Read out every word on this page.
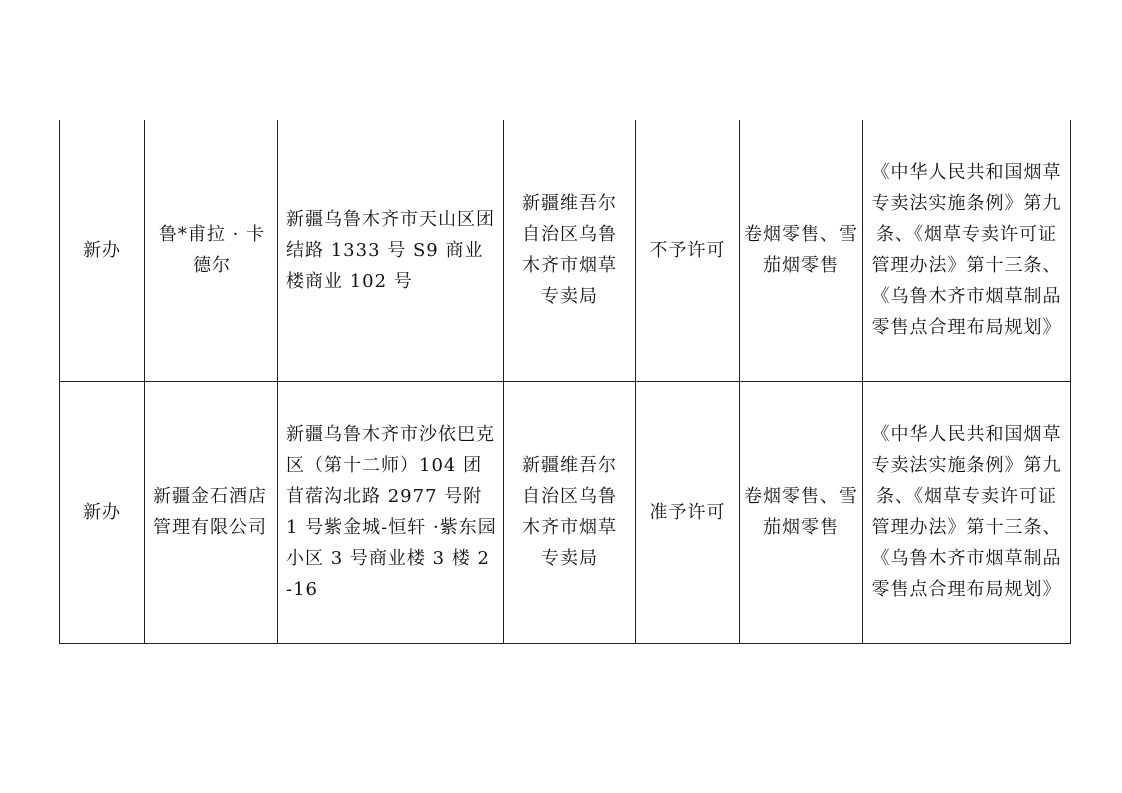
新办	鲁*甫拉 · 卡德尔	新疆乌鲁木齐市天山区团结路 1333 号 S9 商业楼商业 102 号	新疆维吾尔自治区乌鲁木齐市烟草专卖局	不予许可	卷烟零售、雪茄烟零售	《中华人民共和国烟草专卖法实施条例》第九条、《烟草专卖许可证管理办法》第十三条、《乌鲁木齐市烟草制品零售点合理布局规划》
新办	新疆金石酒店管理有限公司	新疆乌鲁木齐市沙依巴克区（第十二师）104 团苜蓿沟北路 2977 号附 1 号紫金城-恒轩 ·紫东园小区 3 号商业楼 3 楼 2-16	新疆维吾尔自治区乌鲁木齐市烟草专卖局	准予许可	卷烟零售、雪茄烟零售	《中华人民共和国烟草专卖法实施条例》第九条、《烟草专卖许可证管理办法》第十三条、《乌鲁木齐市烟草制品零售点合理布局规划》
